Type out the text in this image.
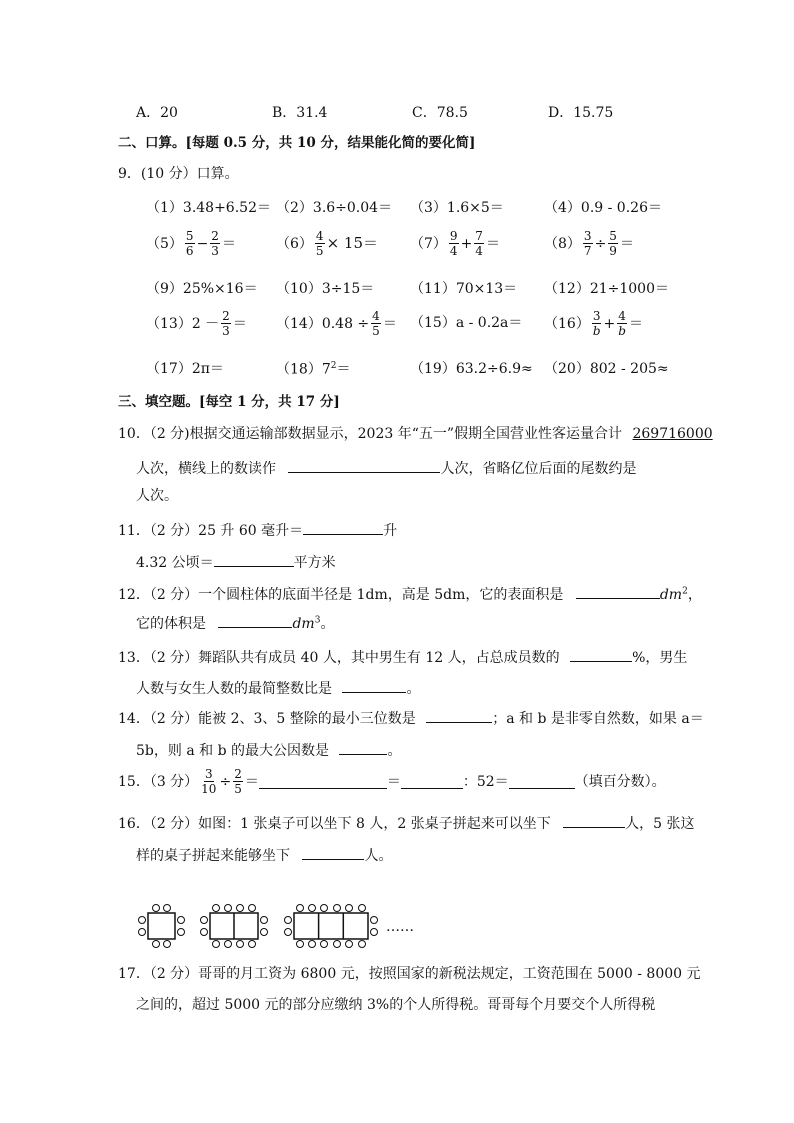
A．20	B．31.4	C．78.5	D．15.75
二、口算。[每题 0.5 分，共 10 分，结果能化简的要化简]
9．(10 分）口算。
（1）3.48+6.52＝ （2）3.6÷0.04＝ （3）1.6×5＝	（4）0.9 - 0.26＝
$(5) \frac{5}{6} - \frac{2}{3}$ ＝	$(6) \frac{4}{5} \times 15= (7) \frac{9}{4} + \frac{7}{4}$ ＝	$(8) \frac{3}{7} \div \frac{5}{9}$ ＝
（9）25%×16＝ （10）3÷15＝	（11）70×13＝ （12）21÷1000＝
$(13)2 - \frac{2}{3} = (14)0.48 \div \frac{4}{5} = (15)a - 0.2a= (16) \frac{3}{b} + \frac{4}{b}$ ＝
（17）2π＝	$(18)7^2=$	（19）63.2÷6.9≈ （20）802 - 205≈
三、填空题。[每空 1 分，共 17 分]
10．（2 分)根据交通运输部数据显示，2023 年“五一”假期全国营业性客运量合计 269716000
人次，横线上的数读作	人次，省略亿位后面的尾数约是
人次。
11．（2 分）25 升 60 毫升＝	升
4.32 公顷＝	平方米
12．（2 分）一个圆柱体的底面半径是 1dm，高是 5dm，它的表面积是	$dm^2$，
它的体积是	$dm^3$。
13．（2 分）舞蹈队共有成员 40 人，其中男生有 12 人，占总成员数的	%，男生
人数与女生人数的最简整数比是	。
14．（2 分）能被 2、3、5 整除的最小三位数是	；a 和 b 是非零自然数，如果 a＝
5b，则 a 和 b 的最大公因数是	。
15．（3 分） $\frac{3}{10} \div \frac{2}{5}$ ＝	＝	：52＝	（填百分数）。
16．（2 分）如图：1 张桌子可以坐下 8 人，2 张桌子拼起来可以坐下	人，5 张这
样的桌子拼起来能够坐下	人。
……
17．（2 分）哥哥的月工资为 6800 元，按照国家的新税法规定，工资范围在 5000 - 8000 元
之间的，超过 5000 元的部分应缴纳 3%的个人所得税。哥哥每个月要交个人所得税
